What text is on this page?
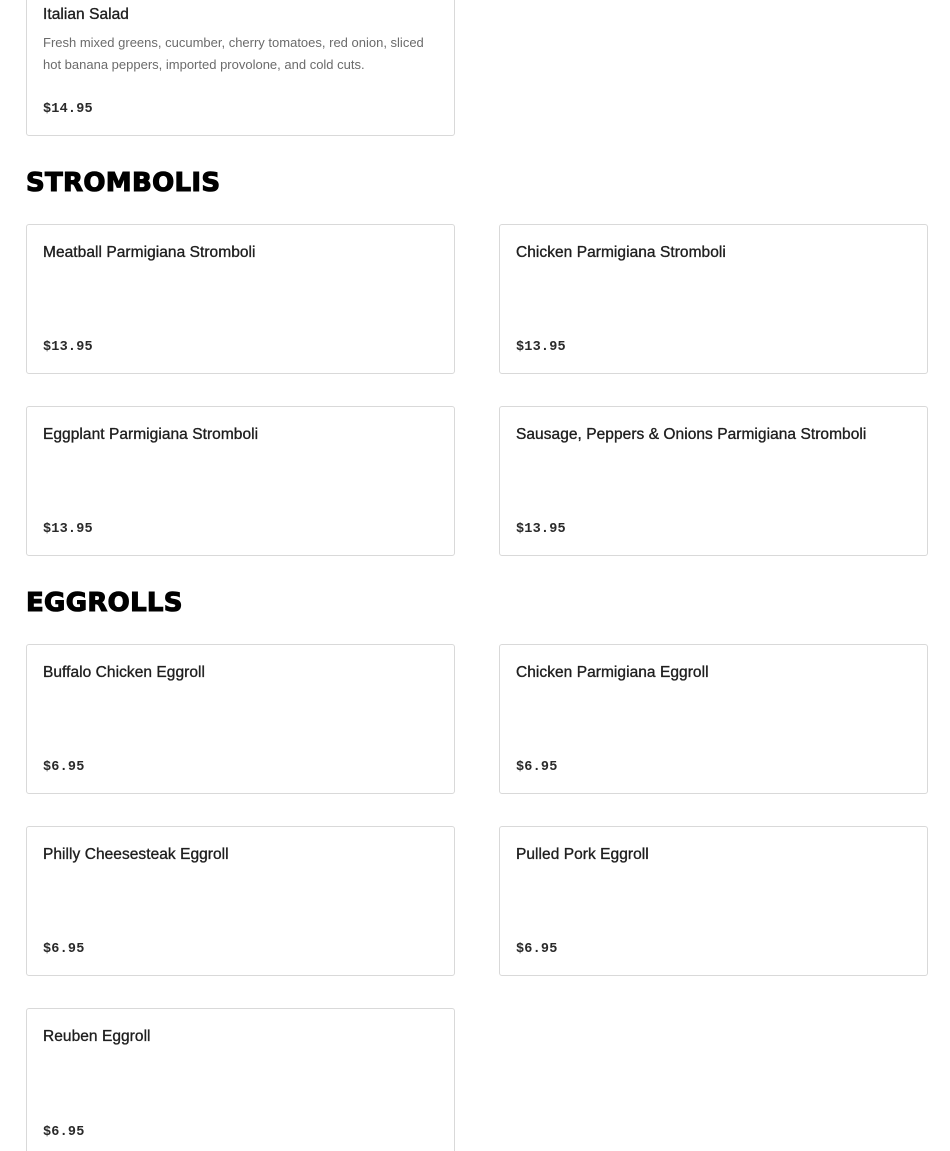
Italian Salad
Fresh mixed greens, cucumber, cherry tomatoes, red onion, sliced hot banana peppers, imported provolone, and cold cuts.
$14.95
STROMBOLIS
Meatball Parmigiana Stromboli
$13.95
Chicken Parmigiana Stromboli
$13.95
Eggplant Parmigiana Stromboli
$13.95
Sausage, Peppers & Onions Parmigiana Stromboli
$13.95
EGGROLLS
Buffalo Chicken Eggroll
$6.95
Chicken Parmigiana Eggroll
$6.95
Philly Cheesesteak Eggroll
$6.95
Pulled Pork Eggroll
$6.95
Reuben Eggroll
$6.95
